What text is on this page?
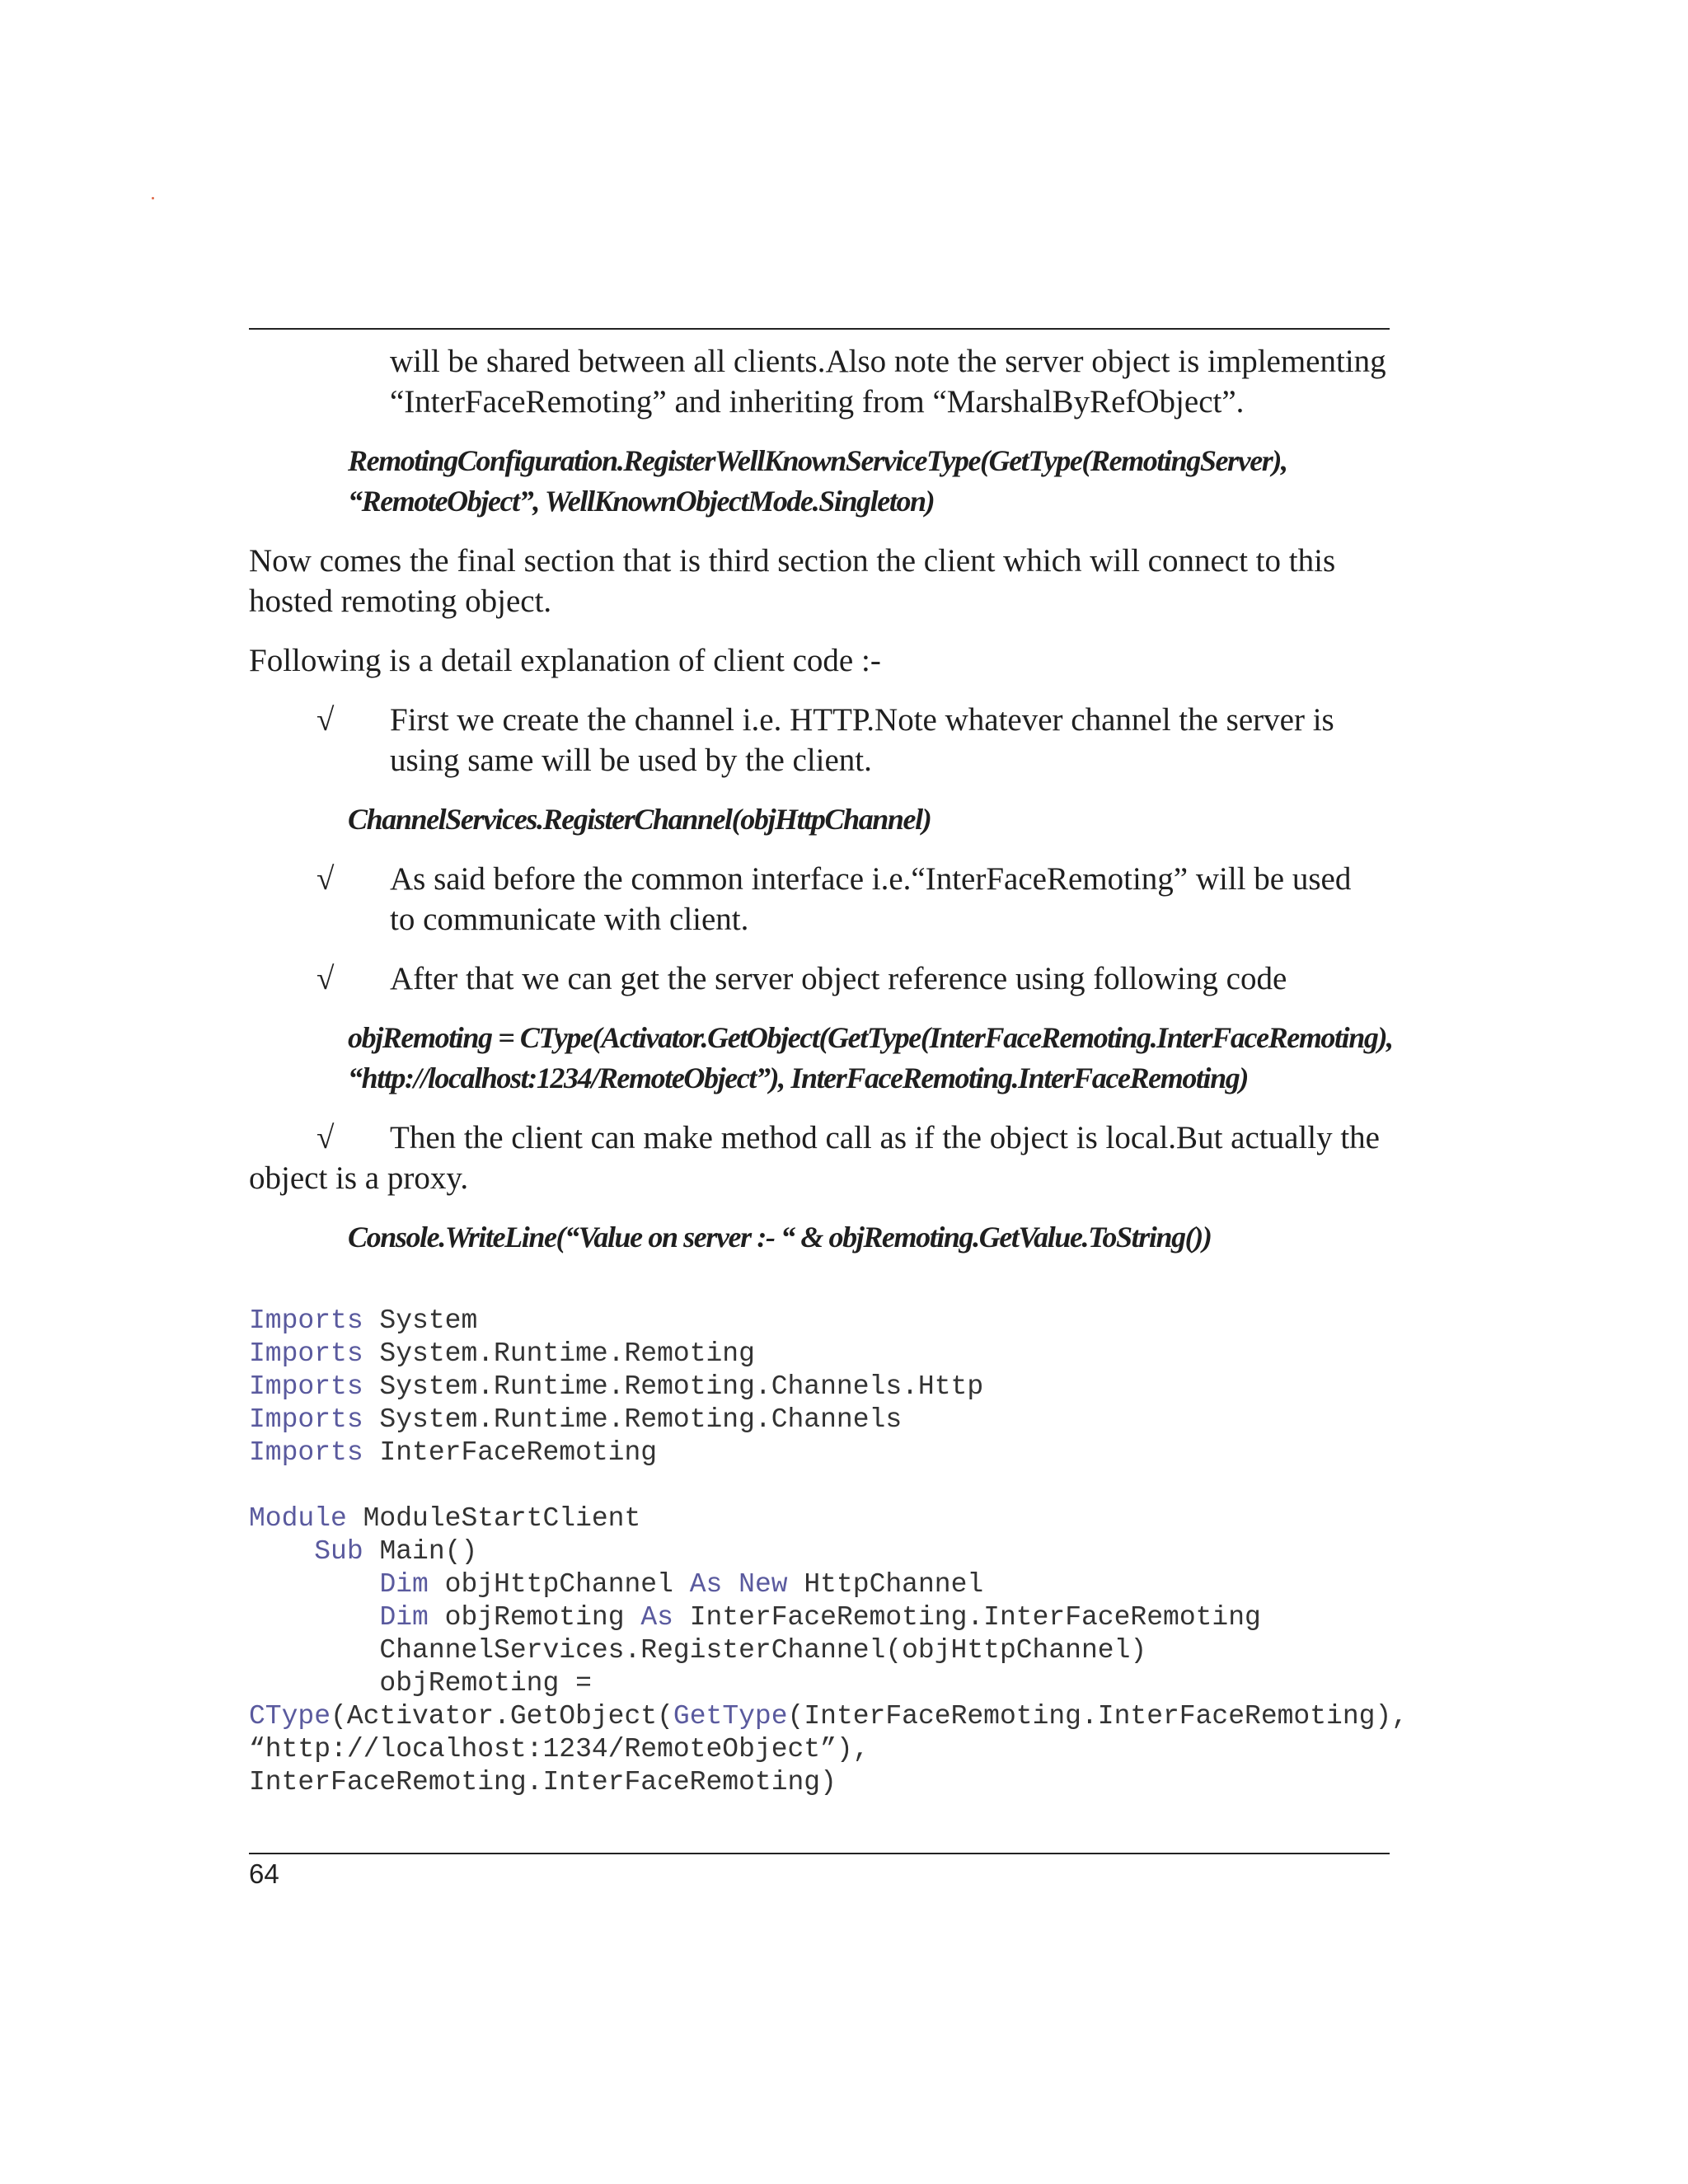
will be shared between all clients.Also note the server object is implementing
“InterFaceRemoting” and inheriting from “MarshalByRefObject”.
RemotingConfiguration.RegisterWellKnownServiceType(GetType(RemotingServer),
“RemoteObject”, WellKnownObjectMode.Singleton)
Now comes the final section that is third section the client which will connect to this
hosted remoting object.
Following is a detail explanation of client code :-
√ First we create the channel i.e. HTTP.Note whatever channel the server is
using same will be used by the client.
ChannelServices.RegisterChannel(objHttpChannel)
√ As said before the common interface i.e.“InterFaceRemoting” will be used
to communicate with client.
√ After that we can get the server object reference using following code
objRemoting = CType(Activator.GetObject(GetType(InterFaceRemoting.InterFaceRemoting),
“http://localhost:1234/RemoteObject”), InterFaceRemoting.InterFaceRemoting)
√ Then the client can make method call as if the object is local.But actually the
object is a proxy.
Console.WriteLine(“Value on server :- “ & objRemoting.GetValue.ToString())
Imports System
Imports System.Runtime.Remoting
Imports System.Runtime.Remoting.Channels.Http
Imports System.Runtime.Remoting.Channels
Imports InterFaceRemoting
Module ModuleStartClient
Sub Main()
Dim objHttpChannel As New HttpChannel
Dim objRemoting As InterFaceRemoting.InterFaceRemoting
ChannelServices.RegisterChannel(objHttpChannel)
objRemoting =
CType(Activator.GetObject(GetType(InterFaceRemoting.InterFaceRemoting),
“http://localhost:1234/RemoteObject”),
InterFaceRemoting.InterFaceRemoting)
64
